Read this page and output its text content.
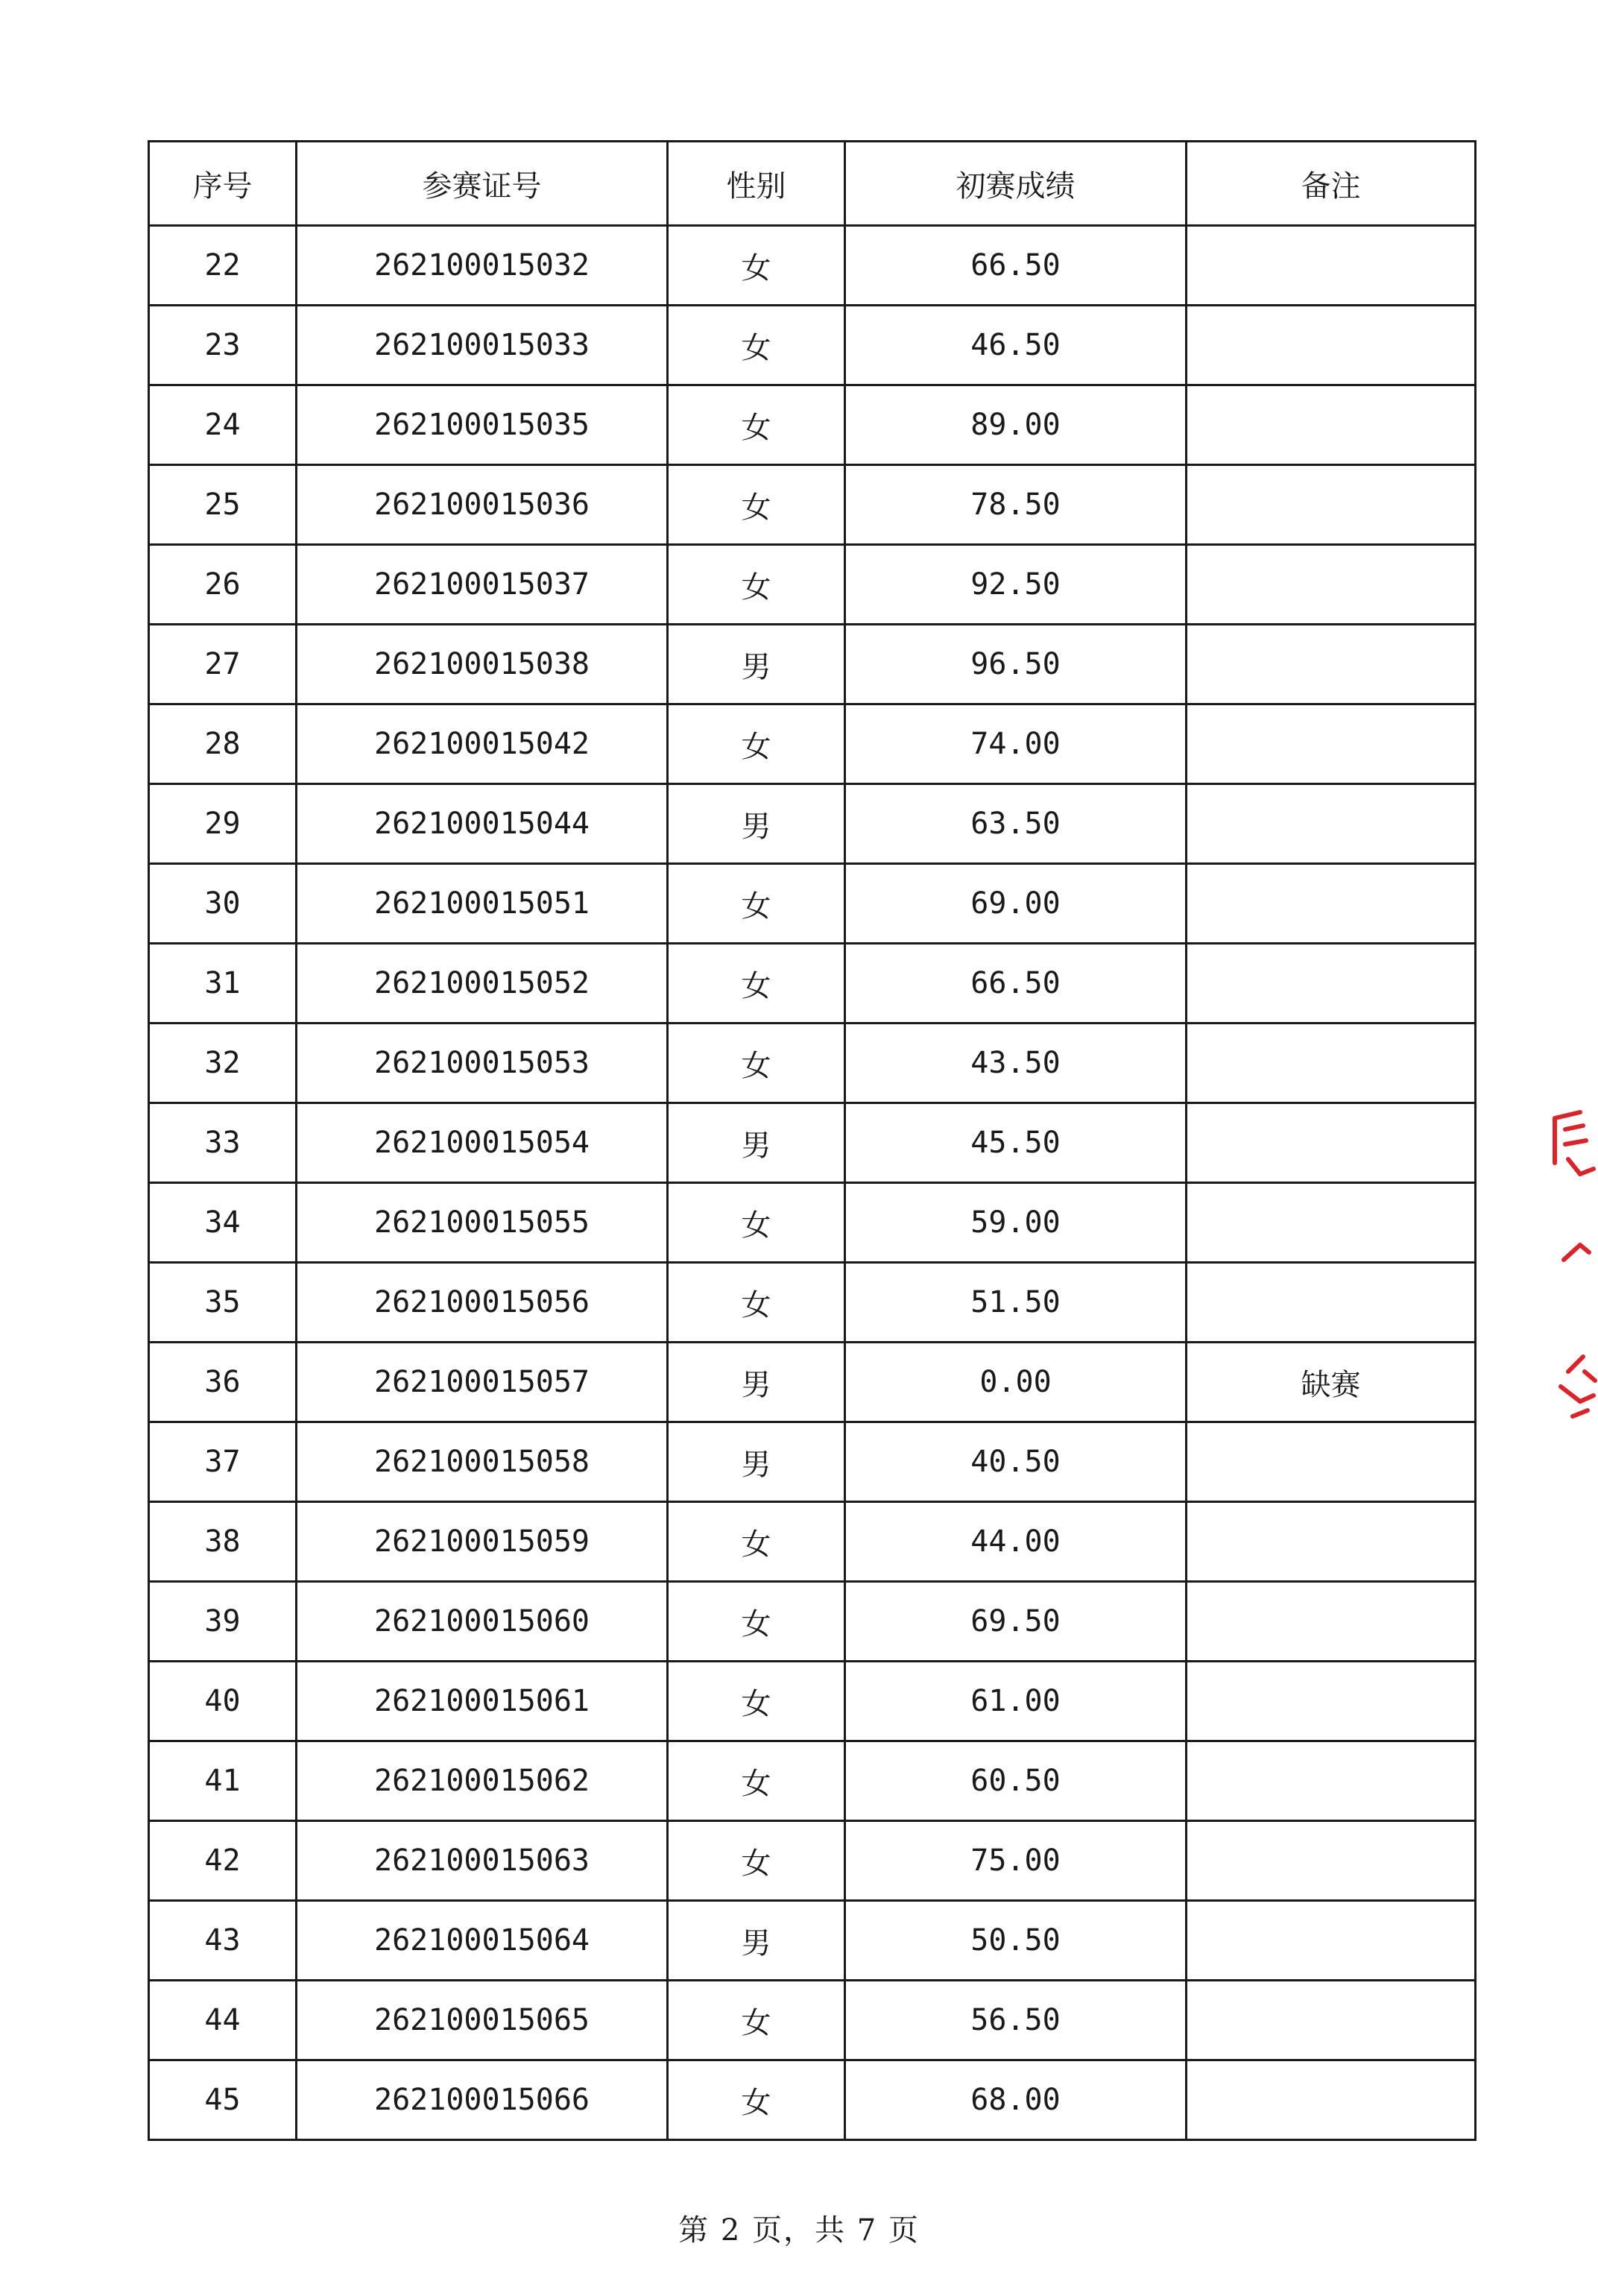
序号	参赛证号	性别	初赛成绩	备注
22	262100015032	女	66.50	
23	262100015033	女	46.50	
24	262100015035	女	89.00	
25	262100015036	女	78.50	
26	262100015037	女	92.50	
27	262100015038	男	96.50	
28	262100015042	女	74.00	
29	262100015044	男	63.50	
30	262100015051	女	69.00	
31	262100015052	女	66.50	
32	262100015053	女	43.50	
33	262100015054	男	45.50	
34	262100015055	女	59.00	
35	262100015056	女	51.50	
36	262100015057	男	0.00	缺赛
37	262100015058	男	40.50	
38	262100015059	女	44.00	
39	262100015060	女	69.50	
40	262100015061	女	61.00	
41	262100015062	女	60.50	
42	262100015063	女	75.00	
43	262100015064	男	50.50	
44	262100015065	女	56.50	
45	262100015066	女	68.00	
第 2 页，共 7 页
